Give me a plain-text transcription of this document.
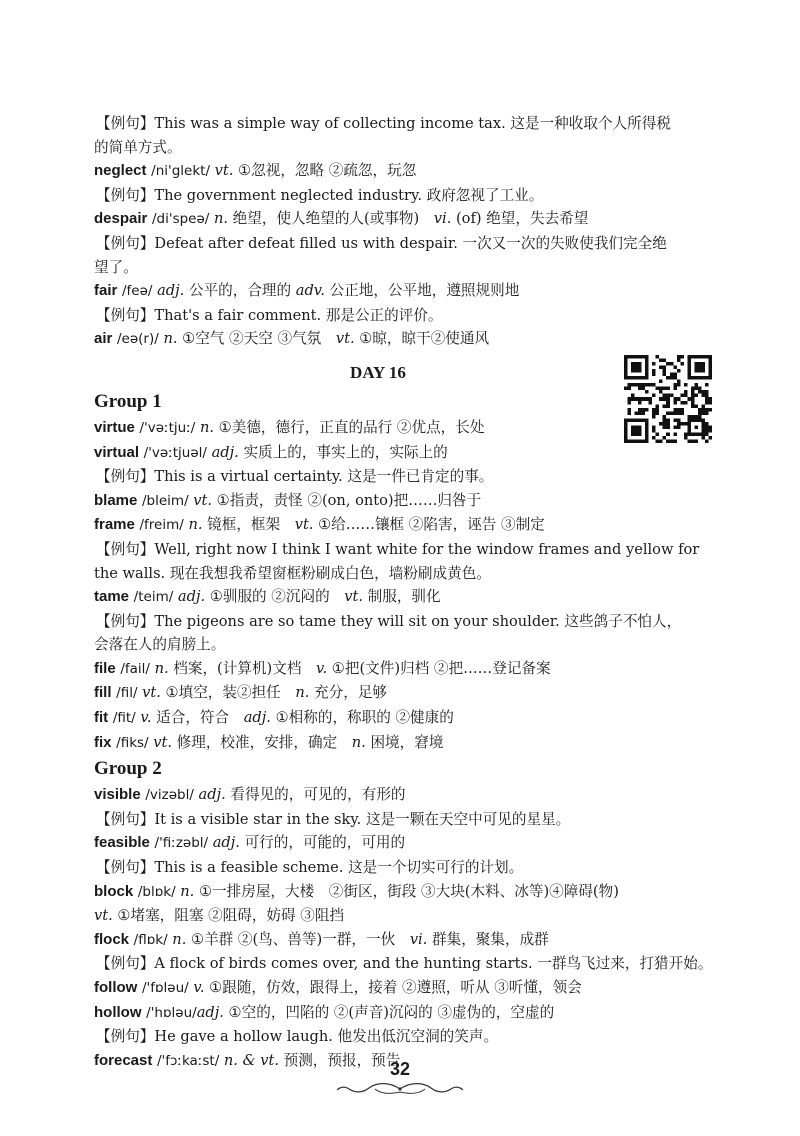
【例句】This was a simple way of collecting income tax. 这是一种收取个人所得税
的简单方式。
neglect /ni'glekt/ vt. ①忽视，忽略 ②疏忽，玩忽
【例句】The government neglected industry. 政府忽视了工业。
despair /di'speə/ n. 绝望，使人绝望的人(或事物)　vi. (of) 绝望，失去希望
【例句】Defeat after defeat filled us with despair. 一次又一次的失败使我们完全绝
望了。
fair /feə/ adj. 公平的，合理的 adv. 公正地，公平地，遵照规则地
【例句】That's a fair comment. 那是公正的评价。
air /eə(r)/ n. ①空气 ②天空 ③气氛　vt. ①晾，晾干②使通风
DAY 16
Group 1
virtue /'vəːtjuː/ n. ①美德，德行，正直的品行 ②优点，长处
virtual /'vəːtjuəl/ adj. 实质上的，事实上的，实际上的
【例句】This is a virtual certainty. 这是一件已肯定的事。
blame /bleim/ vt. ①指责，责怪 ②(on, onto)把……归咎于
frame /freim/ n. 镜框，框架　vt. ①给……镶框 ②陷害，诬告 ③制定
【例句】Well, right now I think I want white for the window frames and yellow for
the walls. 现在我想我希望窗框粉刷成白色，墙粉刷成黄色。
tame /teim/ adj. ①驯服的 ②沉闷的　vt. 制服，驯化
【例句】The pigeons are so tame they will sit on your shoulder. 这些鸽子不怕人，
会落在人的肩膀上。
file /fail/ n. 档案，(计算机)文档　v. ①把(文件)归档 ②把……登记备案
fill /fil/ vt. ①填空，装②担任　n. 充分，足够
fit /fit/ v. 适合，符合　adj. ①相称的，称职的 ②健康的
fix /fiks/ vt. 修理，校准，安排，确定　n. 困境，窘境
Group 2
visible /vizəbl/ adj. 看得见的，可见的，有形的
【例句】It is a visible star in the sky. 这是一颗在天空中可见的星星。
feasible /'fiːzəbl/ adj. 可行的，可能的，可用的
【例句】This is a feasible scheme. 这是一个切实可行的计划。
block /blɒk/ n. ①一排房屋，大楼　②街区，街段 ③大块(木料、冰等)④障碍(物)
vt. ①堵塞，阻塞 ②阻碍，妨碍 ③阻挡
flock /flɒk/ n. ①羊群 ②(鸟、兽等)一群，一伙　vi. 群集，聚集，成群
【例句】A flock of birds comes over, and the hunting starts. 一群鸟飞过来，打猎开始。
follow /'fɒləu/ v. ①跟随，仿效，跟得上，接着 ②遵照，听从 ③听懂，领会
hollow /'hɒləu/adj. ①空的，凹陷的 ②(声音)沉闷的 ③虚伪的，空虚的
【例句】He gave a hollow laugh. 他发出低沉空洞的笑声。
forecast /'fɔːkaːst/ n. & vt. 预测，预报，预告
32
